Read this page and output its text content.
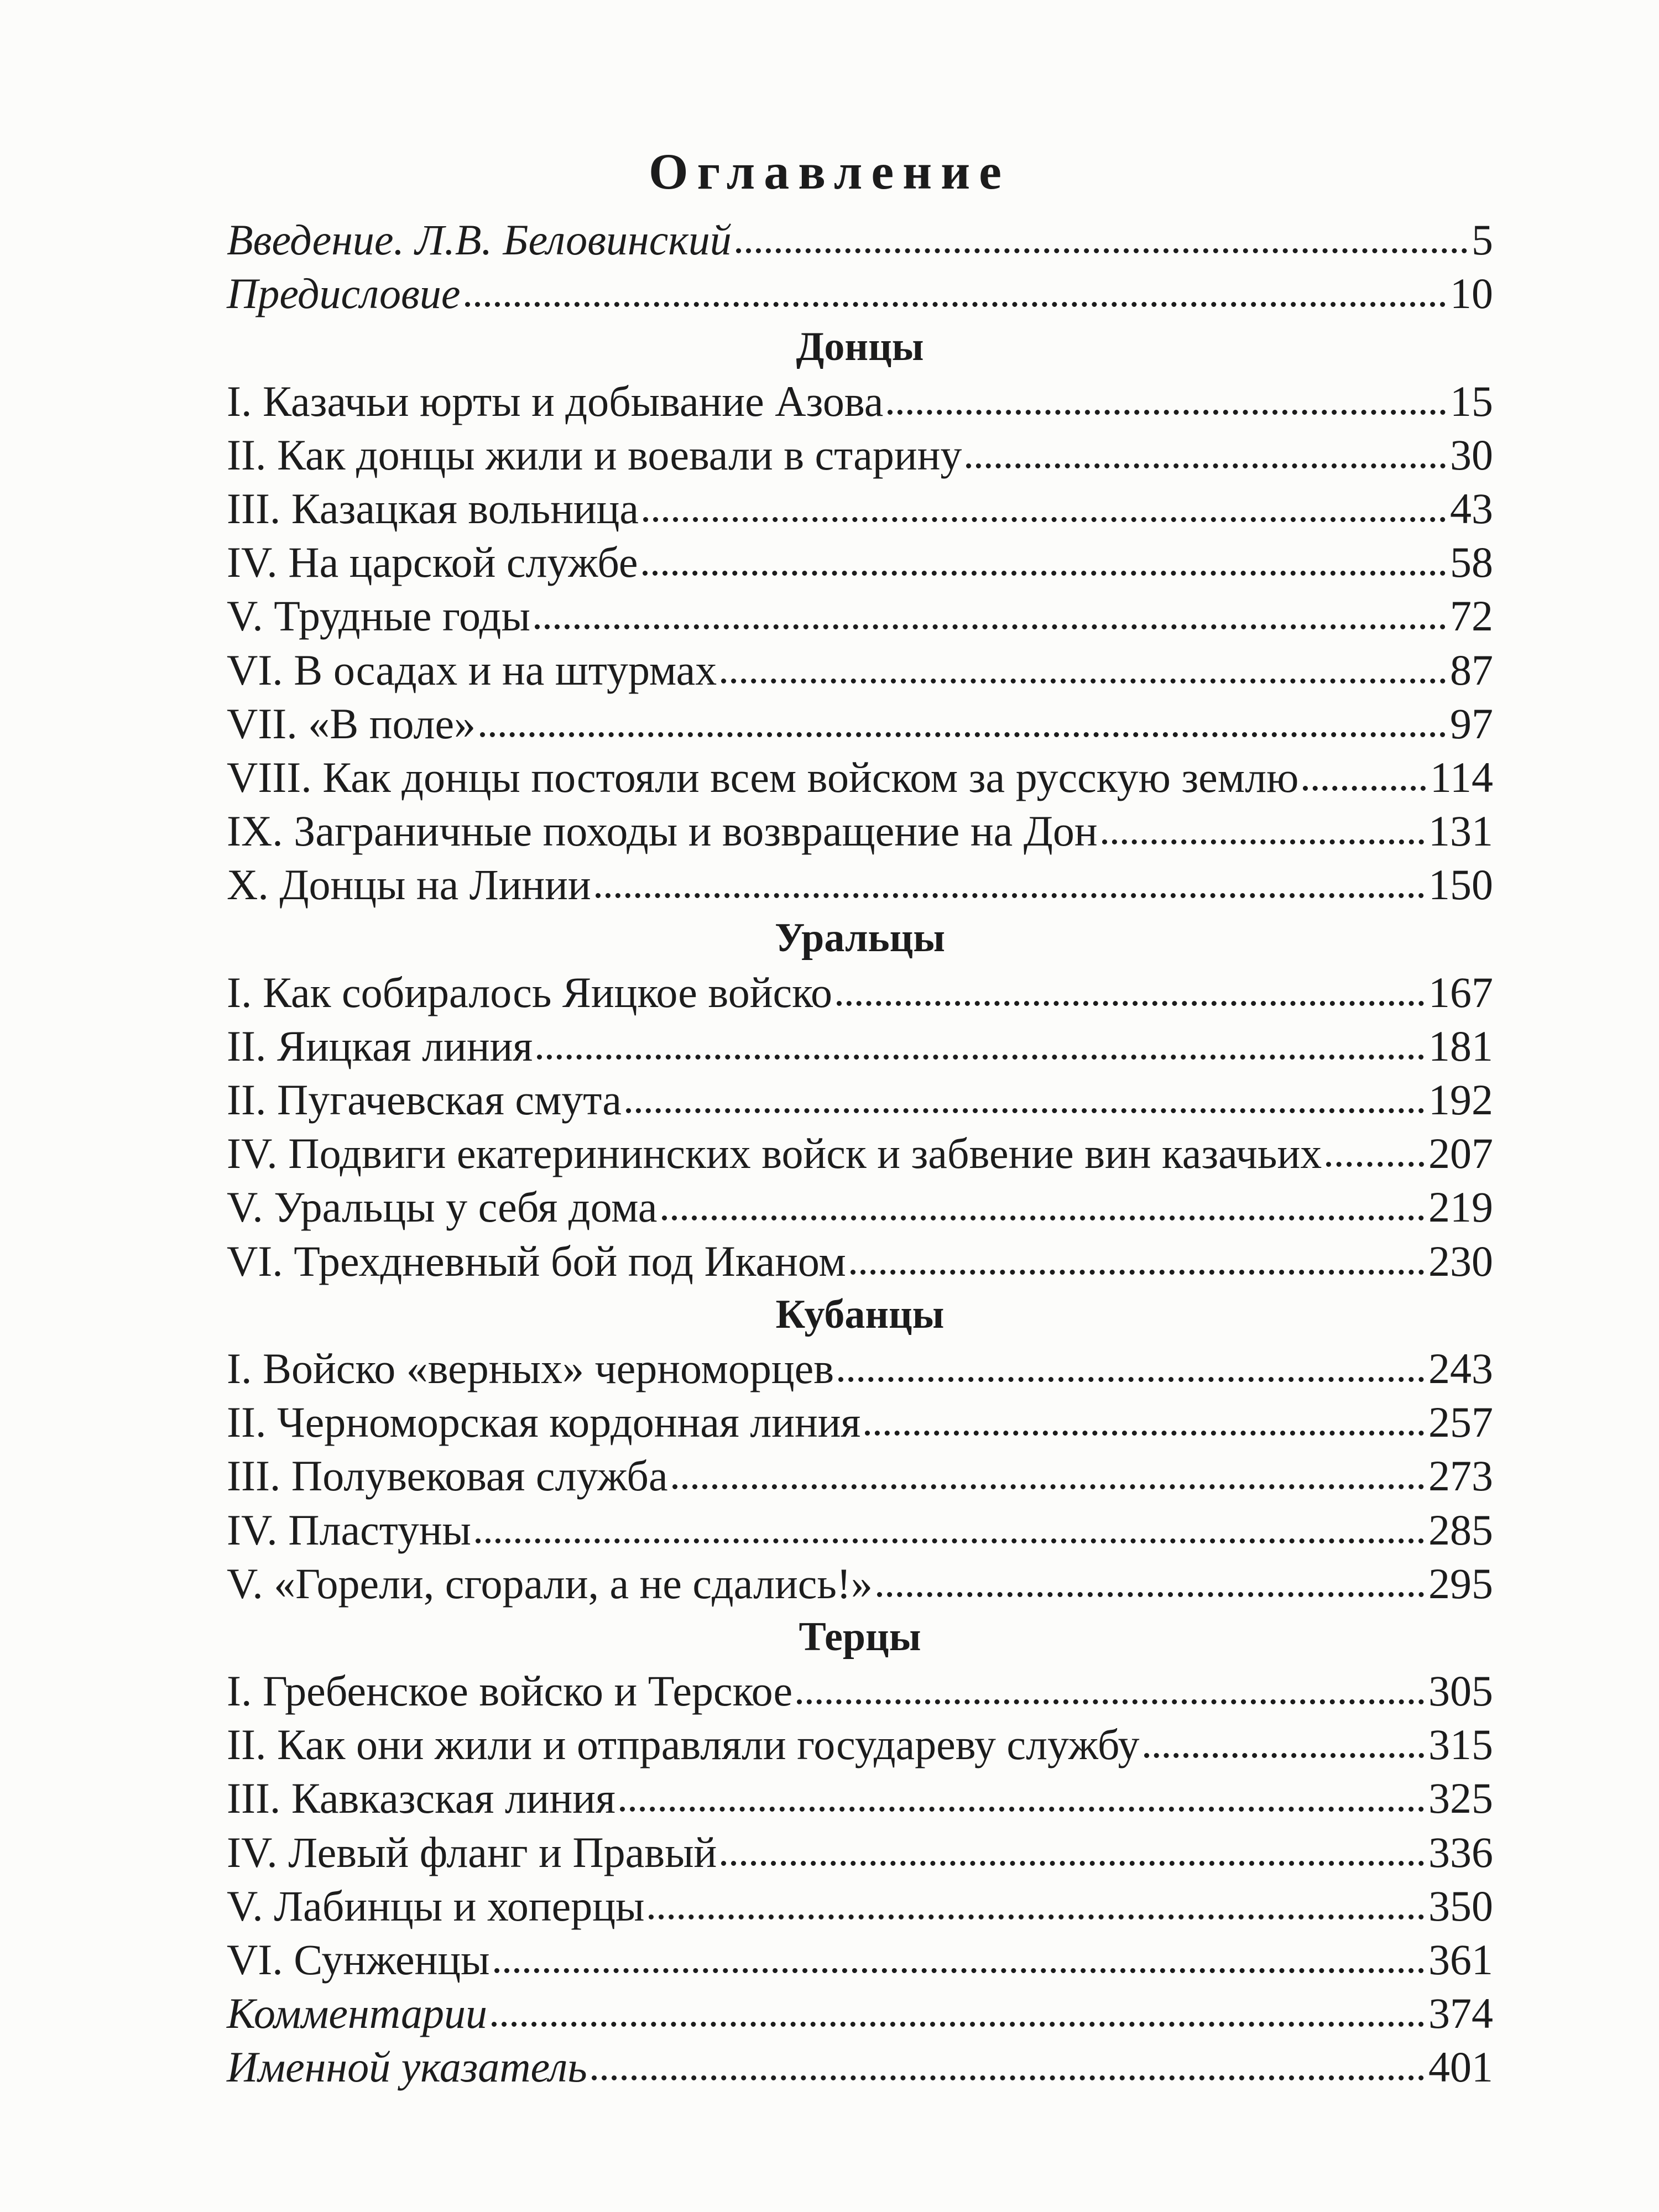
Оглавление
Введение. Л.В. Беловинский	5
Предисловие	10
Донцы
I. Казачьи юрты и добывание Азова	15
II. Как донцы жили и воевали в старину	30
III. Казацкая вольница	43
IV. На царской службе	58
V. Трудные годы	72
VI. В осадах и на штурмах	87
VII. «В поле»	97
VIII. Как донцы постояли всем войском за русскую землю	114
IX. Заграничные походы и возвращение на Дон	131
X. Донцы на Линии	150
Уральцы
I. Как собиралось Яицкое войско	167
II. Яицкая линия	181
II. Пугачевская смута	192
IV. Подвиги екатерининских войск и забвение вин казачьих 207
V. Уральцы у себя дома	219
VI. Трехдневный бой под Иканом	230
Кубанцы
I. Войско «верных» черноморцев	243
II. Черноморская кордонная линия	257
III. Полувековая служба	273
IV. Пластуны	285
V. «Горели, сгорали, а не сдались!»	295
Терцы
I. Гребенское войско и Терское	305
II. Как они жили и отправляли государеву службу	315
III. Кавказская линия	325
IV. Левый фланг и Правый	336
V. Лабинцы и хоперцы	350
VI. Сунженцы	361
Комментарии	374
Именной указатель	401
